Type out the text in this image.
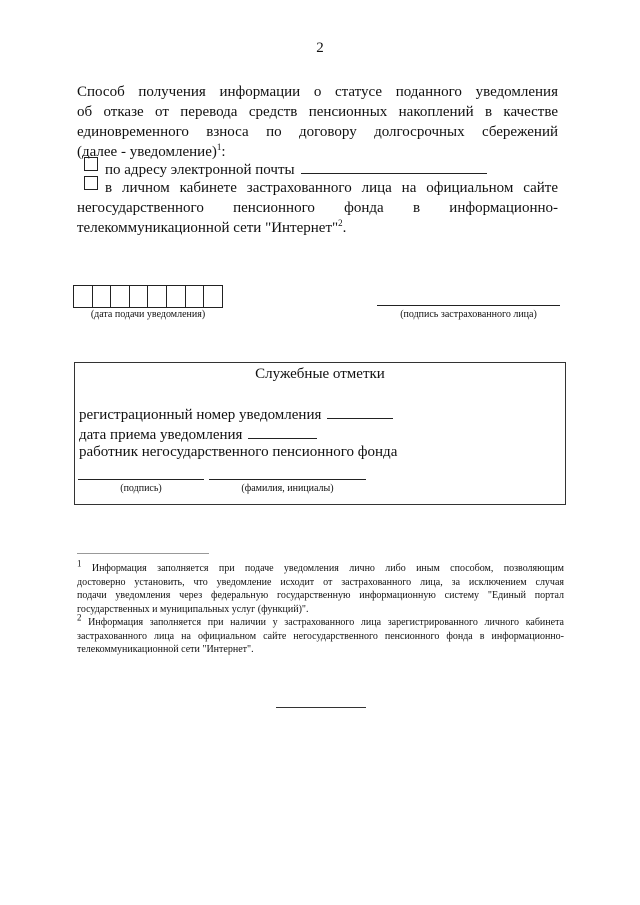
2
Способ получения информации о статусе поданного уведомления
об отказе от перевода средств пенсионных накоплений в качестве
единовременного взноса по договору долгосрочных сбережений
(далее - уведомление)$^1$:
по адресу электронной почты
в личном кабинете застрахованного лица на официальном сайте
негосударственного пенсионного фонда в информационно-
телекоммуникационной сети "Интернет"$^2$.
(дата подачи уведомления)	(подпись застрахованного лица)
Служебные отметки
регистрационный номер уведомления
дата приема уведомления
работник негосударственного пенсионного фонда
(подпись)	(фамилия, инициалы)
$^1$ Информация заполняется при подаче уведомления лично либо иным способом, позволяющим
достоверно установить, что уведомление исходит от застрахованного лица, за исключением случая
подачи уведомления через федеральную государственную информационную систему "Единый портал
государственных и муниципальных услуг (функций)".
$^2$ Информация заполняется при наличии у застрахованного лица зарегистрированного личного кабинета
застрахованного лица на официальном сайте негосударственного пенсионного фонда в информационно-
телекоммуникационной сети "Интернет".
